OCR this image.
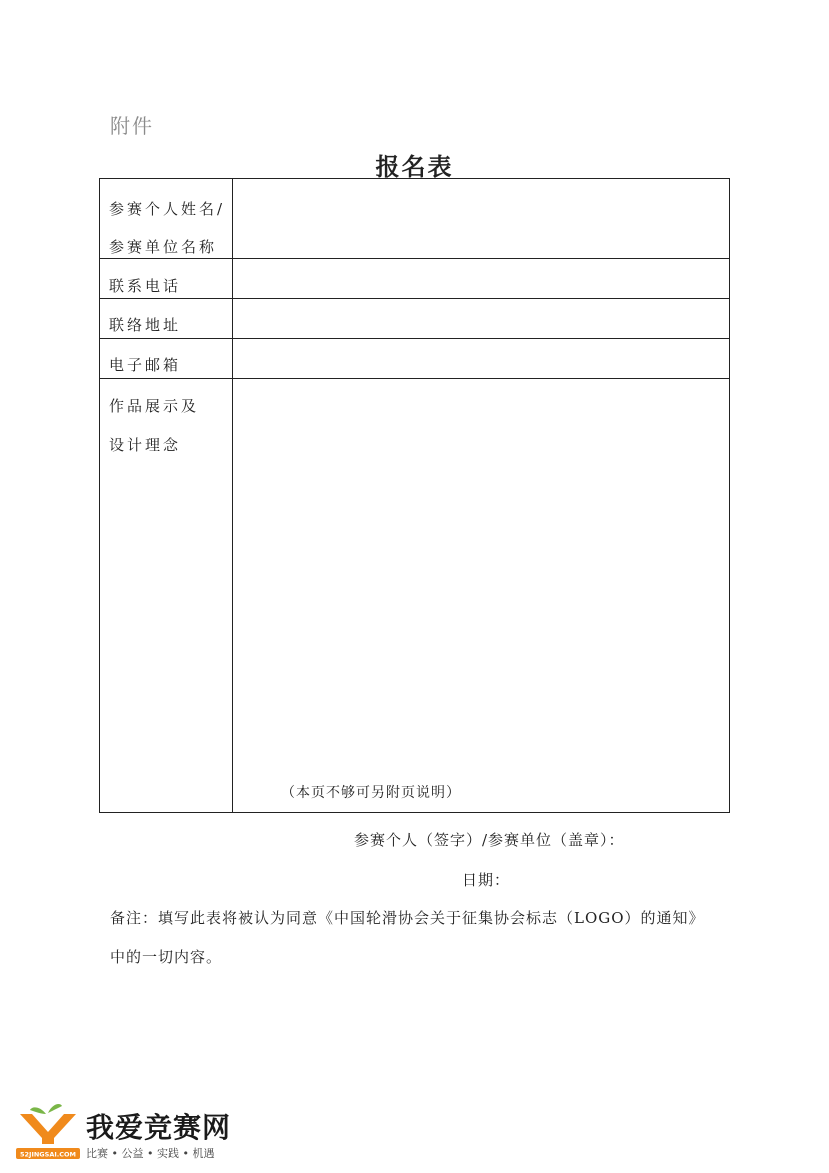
附件
报名表
参赛个人姓名/
参赛单位名称
联系电话
联络地址
电子邮箱
作品展示及
设计理念
（本页不够可另附页说明）
参赛个人（签字）/参赛单位（盖章）：
日期：
备注：填写此表将被认为同意《中国轮滑协会关于征集协会标志（LOGO）的通知》
中的一切内容。
52JINGSAI.COM
我爱竞赛网
比赛 • 公益 • 实践 • 机遇
